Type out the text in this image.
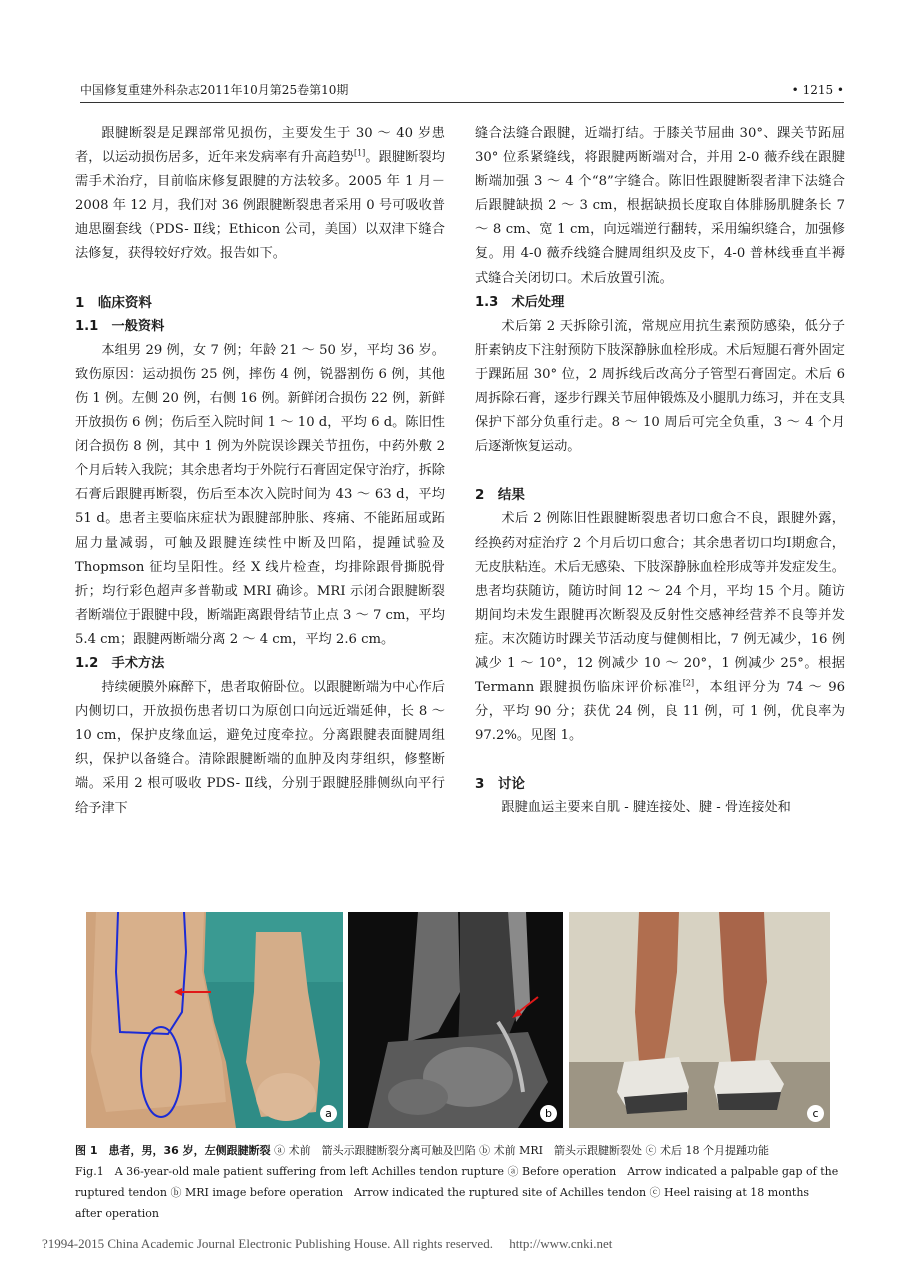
中国修复重建外科杂志2011年10月第25卷第10期	• 1215 •

跟腱断裂是足踝部常见损伤，主要发生于 30 ～ 40 岁患者，以运动损伤居多，近年来发病率有升高趋势[1]。跟腱断裂均需手术治疗，目前临床修复跟腱的方法较多。2005 年 1 月－ 2008 年 12 月，我们对 36 例跟腱断裂患者采用 0 号可吸收普迪思圈套线（PDS- Ⅱ线；Ethicon 公司，美国）以双津下缝合法修复，获得较好疗效。报告如下。

1　临床资料
1.1　一般资料

本组男 29 例，女 7 例；年龄 21 ～ 50 岁，平均 36 岁。致伤原因：运动损伤 25 例，摔伤 4 例，锐器割伤 6 例，其他伤 1 例。左侧 20 例，右侧 16 例。新鲜闭合损伤 22 例，新鲜开放损伤 6 例；伤后至入院时间 1 ～ 10 d，平均 6 d。陈旧性闭合损伤 8 例，其中 1 例为外院误诊踝关节扭伤，中药外敷 2 个月后转入我院；其余患者均于外院行石膏固定保守治疗，拆除石膏后跟腱再断裂，伤后至本次入院时间为 43 ～ 63 d，平均 51 d。患者主要临床症状为跟腱部肿胀、疼痛、不能跖屈或跖屈力量减弱，可触及跟腱连续性中断及凹陷，提踵试验及 Thopmson 征均呈阳性。经 X 线片检查，均排除跟骨撕脱骨折；均行彩色超声多普勒或 MRI 确诊。MRI 示闭合跟腱断裂者断端位于跟腱中段，断端距离跟骨结节止点 3 ～ 7 cm，平均 5.4 cm；跟腱两断端分离 2 ～ 4 cm，平均 2.6 cm。

1.2　手术方法

持续硬膜外麻醉下，患者取俯卧位。以跟腱断端为中心作后内侧切口，开放损伤患者切口为原创口向远近端延伸，长 8 ～ 10 cm，保护皮缘血运，避免过度牵拉。分离跟腱表面腱周组织，保护以备缝合。清除跟腱断端的血肿及肉芽组织，修整断端。采用 2 根可吸收 PDS- Ⅱ线，分别于跟腱胫腓侧纵向平行给予津下

缝合法缝合跟腱，近端打结。于膝关节屈曲 30°、踝关节跖屈 30° 位系紧缝线，将跟腱两断端对合，并用 2-0 薇乔线在跟腱断端加强 3 ～ 4 个“8”字缝合。陈旧性跟腱断裂者津下法缝合后跟腱缺损 2 ～ 3 cm，根据缺损长度取自体腓肠肌腱条长 7 ～ 8 cm、宽 1 cm，向远端逆行翻转，采用编织缝合，加强修复。用 4-0 薇乔线缝合腱周组织及皮下，4-0 普林线垂直半褥式缝合关闭切口。术后放置引流。

1.3　术后处理

术后第 2 天拆除引流，常规应用抗生素预防感染，低分子肝素钠皮下注射预防下肢深静脉血栓形成。术后短腿石膏外固定于踝跖屈 30° 位，2 周拆线后改高分子管型石膏固定。术后 6 周拆除石膏，逐步行踝关节屈伸锻炼及小腿肌力练习，并在支具保护下部分负重行走。8 ～ 10 周后可完全负重，3 ～ 4 个月后逐渐恢复运动。

2　结果

术后 2 例陈旧性跟腱断裂患者切口愈合不良，跟腱外露，经换药对症治疗 2 个月后切口愈合；其余患者切口均Ⅰ期愈合，无皮肤粘连。术后无感染、下肢深静脉血栓形成等并发症发生。患者均获随访，随访时间 12 ～ 24 个月，平均 15 个月。随访期间均未发生跟腱再次断裂及反射性交感神经营养不良等并发症。末次随访时踝关节活动度与健侧相比，7 例无减少，16 例减少 1 ～ 10°，12 例减少 10 ～ 20°，1 例减少 25°。根据 Termann 跟腱损伤临床评价标准[2]，本组评分为 74 ～ 96 分，平均 90 分；获优 24 例，良 11 例，可 1 例，优良率为 97.2%。见图 1。

3　讨论

跟腱血运主要来自肌 - 腱连接处、腱 - 骨连接处和

a	b	c
图 1　 患者，男，36 岁，左侧跟腱断裂 ⓐ 术前　箭头示跟腱断裂分离可触及凹陷 ⓑ 术前 MRI　箭头示跟腱断裂处 ⓒ 术后 18 个月提踵功能
Fig.1　 A 36-year-old male patient suffering from left Achilles tendon rupture ⓐ Before operation　Arrow indicated a palpable gap of the ruptured tendon ⓑ MRI image before operation　Arrow indicated the ruptured site of Achilles tendon ⓒ Heel raising at 18 months after operation
?1994-2015 China Academic Journal Electronic Publishing House. All rights reserved.　 http://www.cnki.net
